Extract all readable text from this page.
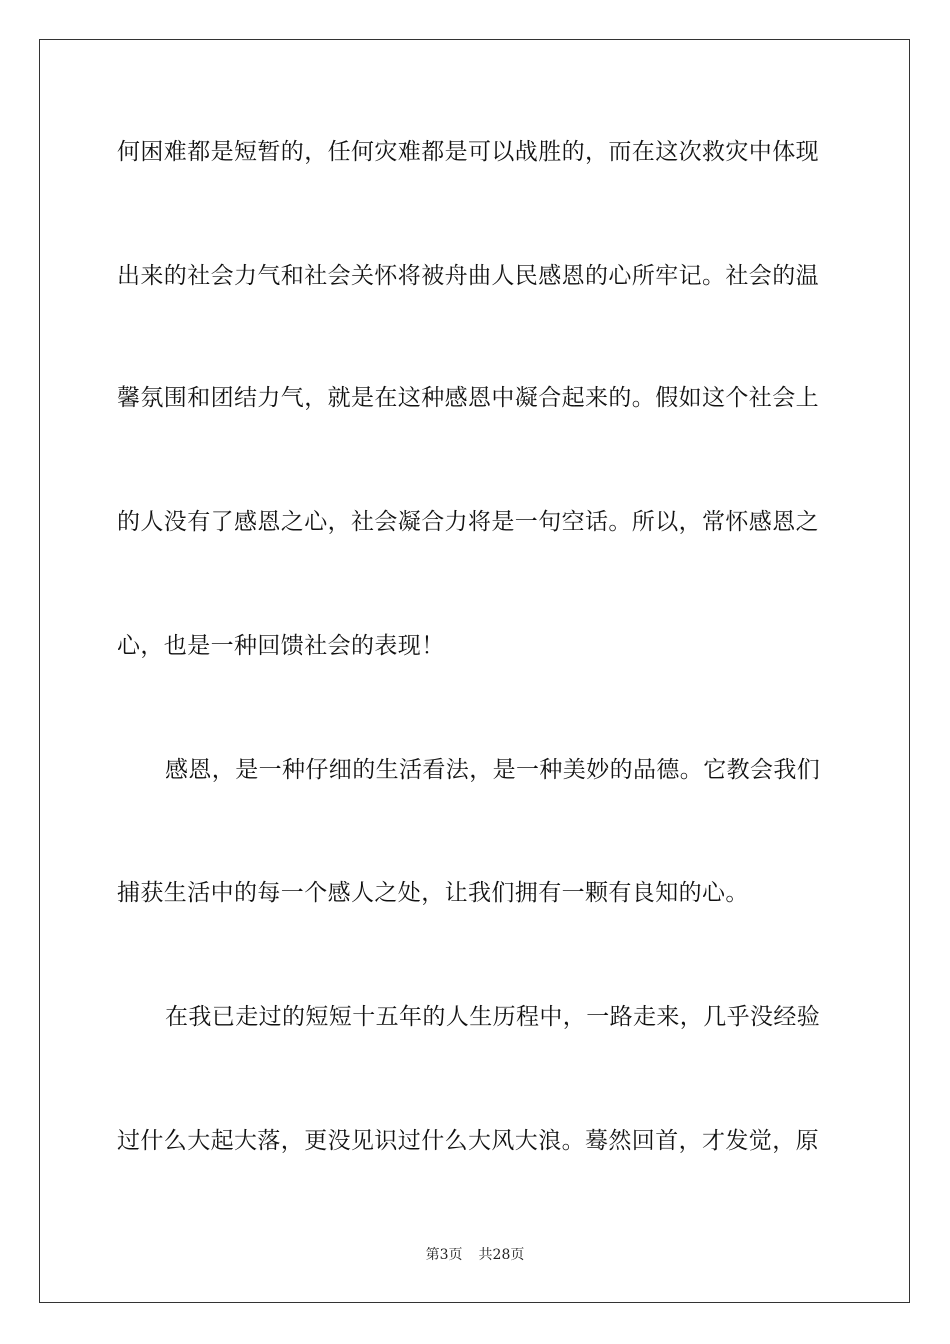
何困难都是短暂的，任何灾难都是可以战胜的，而在这次救灾中体现
出来的社会力气和社会关怀将被舟曲人民感恩的心所牢记。社会的温
馨氛围和团结力气，就是在这种感恩中凝合起来的。假如这个社会上
的人没有了感恩之心，社会凝合力将是一句空话。所以，常怀感恩之
心，也是一种回馈社会的表现！
感恩，是一种仔细的生活看法，是一种美妙的品德。它教会我们
捕获生活中的每一个感人之处，让我们拥有一颗有良知的心。
在我已走过的短短十五年的人生历程中，一路走来，几乎没经验
过什么大起大落，更没见识过什么大风大浪。蓦然回首，才发觉，原
第3页 共28页
